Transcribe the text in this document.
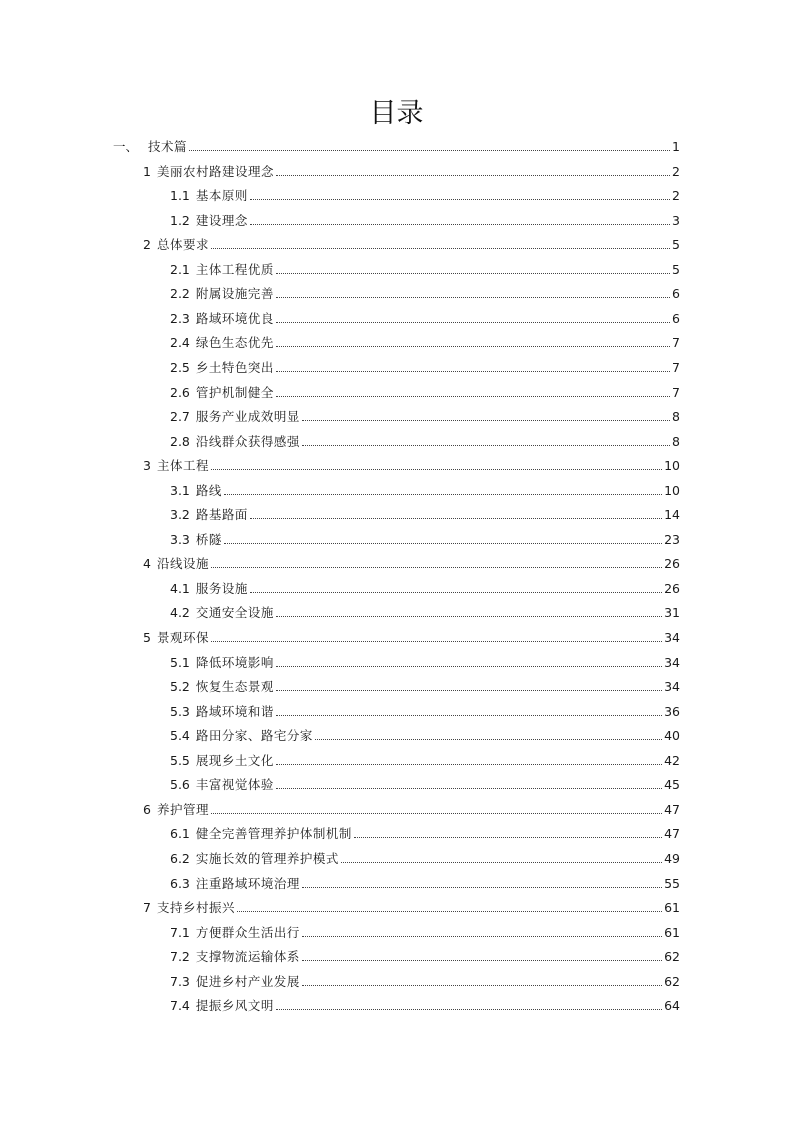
目录
一、 技术篇	1
1 美丽农村路建设理念	2
1.1 基本原则	2
1.2 建设理念	3
2 总体要求	5
2.1 主体工程优质	5
2.2 附属设施完善	6
2.3 路域环境优良	6
2.4 绿色生态优先	7
2.5 乡土特色突出	7
2.6 管护机制健全	7
2.7 服务产业成效明显	8
2.8 沿线群众获得感强	8
3 主体工程	10
3.1 路线	10
3.2 路基路面	14
3.3 桥隧	23
4 沿线设施	26
4.1 服务设施	26
4.2 交通安全设施	31
5 景观环保	34
5.1 降低环境影响	34
5.2 恢复生态景观	34
5.3 路域环境和谐	36
5.4 路田分家、路宅分家	40
5.5 展现乡土文化	42
5.6 丰富视觉体验	45
6 养护管理	47
6.1 健全完善管理养护体制机制	47
6.2 实施长效的管理养护模式	49
6.3 注重路域环境治理	55
7 支持乡村振兴	61
7.1 方便群众生活出行	61
7.2 支撑物流运输体系	62
7.3 促进乡村产业发展	62
7.4 提振乡风文明	64
